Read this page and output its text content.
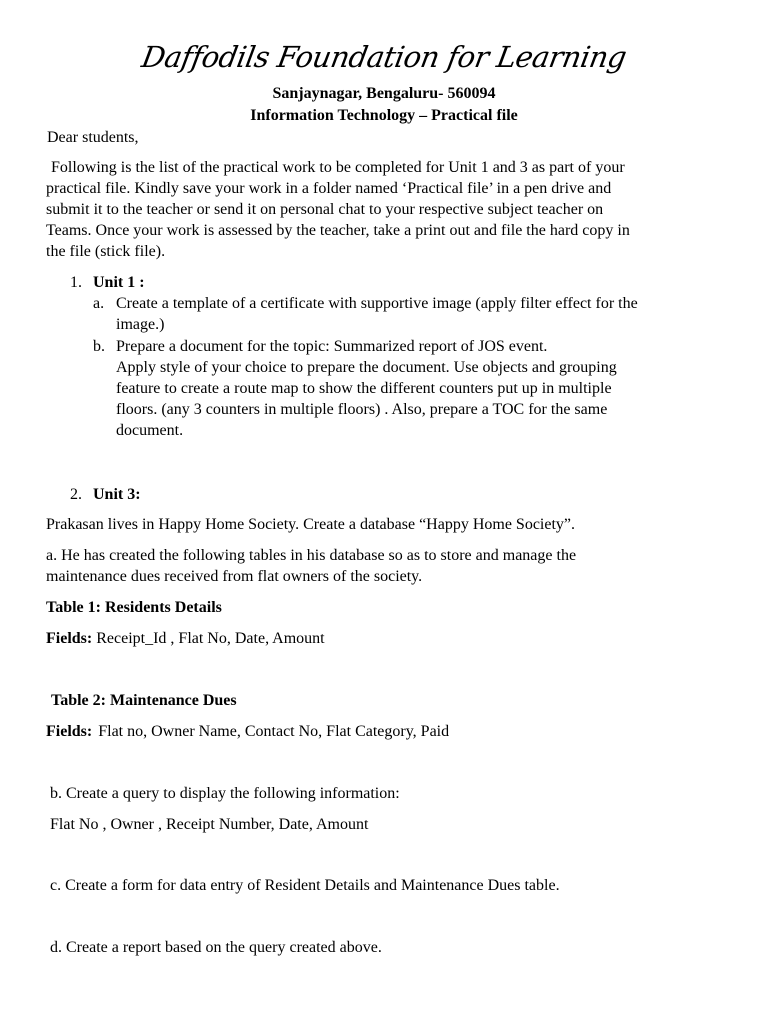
Daffodils Foundation for Learning
Sanjaynagar, Bengaluru- 560094
Information Technology – Practical file
Dear students,
Following is the list of the practical work to be completed for Unit 1 and 3 as part of your
practical file. Kindly save your work in a folder named ‘Practical file’ in a pen drive and
submit it to the teacher or send it on personal chat to your respective subject teacher on
Teams. Once your work is assessed by the teacher, take a print out and file the hard copy in
the file (stick file).
1. Unit 1 :
a. Create a template of a certificate with supportive image (apply filter effect for the
image.)
b. Prepare a document for the topic: Summarized report of JOS event.
Apply style of your choice to prepare the document. Use objects and grouping
feature to create a route map to show the different counters put up in multiple
floors. (any 3 counters in multiple floors) . Also, prepare a TOC for the same
document.
2. Unit 3:
Prakasan lives in Happy Home Society. Create a database “Happy Home Society”.
a. He has created the following tables in his database so as to store and manage the
maintenance dues received from flat owners of the society.
Table 1: Residents Details
Fields: Receipt_Id , Flat No, Date, Amount
Table 2: Maintenance Dues
Fields: Flat no, Owner Name, Contact No, Flat Category, Paid
b. Create a query to display the following information:
Flat No , Owner , Receipt Number, Date, Amount
c. Create a form for data entry of Resident Details and Maintenance Dues table.
d. Create a report based on the query created above.
